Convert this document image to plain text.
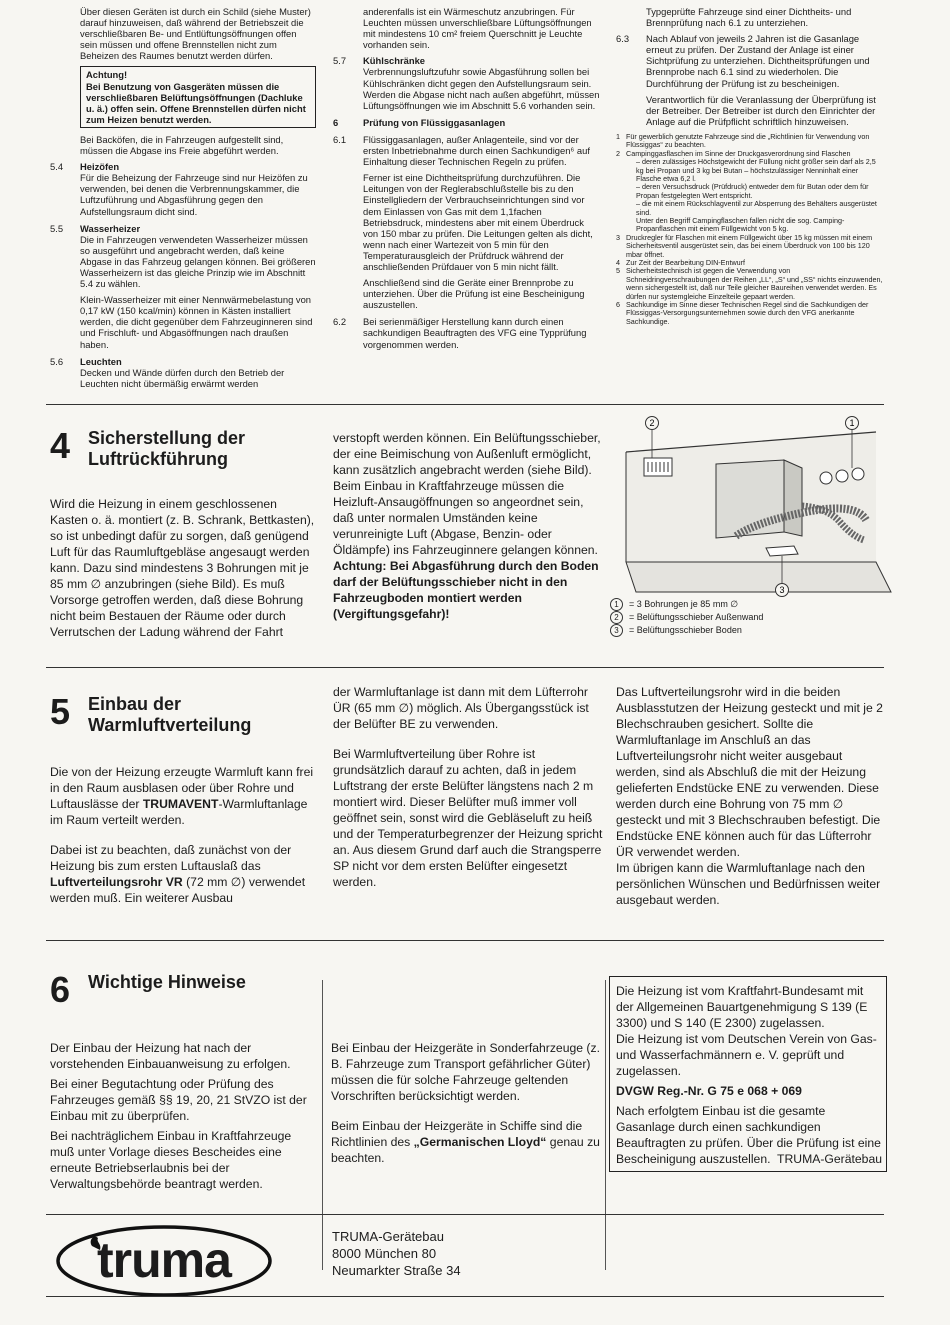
Über diesen Geräten ist durch ein Schild (siehe Muster) darauf hinzuweisen, daß während der Betriebszeit die verschließbaren Be- und Entlüftungsöffnungen offen sein müssen und offene Brennstellen nicht zum Beheizen des Raumes benutzt werden dürfen.
Achtung!
Bei Benutzung von Gasgeräten müssen die verschließbaren Belüftungsöffnungen (Dachluke u. ä.) offen sein. Offene Brennstellen dürfen nicht zum Heizen benutzt werden.
Bei Backöfen, die in Fahrzeugen aufgestellt sind, müssen die Abgase ins Freie abgeführt werden.
5.4	Heizöfen
Für die Beheizung der Fahrzeuge sind nur Heizöfen zu verwenden, bei denen die Verbrennungskammer, die Luftzuführung und Abgasführung gegen den Aufstellungsraum dicht sind.
5.5	Wasserheizer
Die in Fahrzeugen verwendeten Wasserheizer müssen so ausgeführt und angebracht werden, daß keine Abgase in das Fahrzeug gelangen können. Bei größeren Wasserheizern ist das gleiche Prinzip wie im Abschnitt 5.4 zu wählen.
Klein-Wasserheizer mit einer Nennwärmebelastung von 0,17 kW (150 kcal/min) können in Kästen installiert werden, die dicht gegenüber dem Fahrzeuginneren sind und Frischluft- und Abgasöffnungen nach draußen haben.
5.6	Leuchten
Decken und Wände dürfen durch den Betrieb der Leuchten nicht übermäßig erwärmt werden
anderenfalls ist ein Wärmeschutz anzubringen. Für Leuchten müssen unverschließbare Lüftungsöffnungen mit mindestens 10 cm² freiem Querschnitt je Leuchte vorhanden sein.
5.7	Kühlschränke
Verbrennungsluftzufuhr sowie Abgasführung sollen bei Kühlschränken dicht gegen den Aufstellungsraum sein. Werden die Abgase nicht nach außen abgeführt, müssen Lüftungsöffnungen wie im Abschnitt 5.6 vorhanden sein.
6	Prüfung von Flüssiggasanlagen
6.1	Flüssiggasanlagen, außer Anlagenteile, sind vor der ersten Inbetriebnahme durch einen Sachkundigen⁶ auf Einhaltung dieser Technischen Regeln zu prüfen.
Ferner ist eine Dichtheitsprüfung durchzuführen. Die Leitungen von der Reglerabschlußstelle bis zu den Einstellgliedern der Verbrauchseinrichtungen sind vor dem Einlassen von Gas mit dem 1,1fachen Betriebsdruck, mindestens aber mit einem Überdruck von 150 mbar zu prüfen. Die Leitungen gelten als dicht, wenn nach einer Wartezeit von 5 min für den Temperaturausgleich der Prüfdruck während der anschließenden Prüfdauer von 5 min nicht fällt.
Anschließend sind die Geräte einer Brennprobe zu unterziehen. Über die Prüfung ist eine Bescheinigung auszustellen.
6.2	Bei serienmäßiger Herstellung kann durch einen sachkundigen Beauftragten des VFG eine Typprüfung vorgenommen werden.
Typgeprüfte Fahrzeuge sind einer Dichtheits- und Brennprüfung nach 6.1 zu unterziehen.
6.3	Nach Ablauf von jeweils 2 Jahren ist die Gasanlage erneut zu prüfen. Der Zustand der Anlage ist einer Sichtprüfung zu unterziehen. Dichtheitsprüfungen und Brennprobe nach 6.1 sind zu wiederholen. Die Durchführung der Prüfung ist zu bescheinigen.
Verantwortlich für die Veranlassung der Überprüfung ist der Betreiber. Der Betreiber ist durch den Einrichter der Anlage auf die Prüfpflicht schriftlich hinzuweisen.
1 Für gewerblich genutzte Fahrzeuge sind die „Richtlinien für Verwendung von Flüssiggas“ zu beachten.
2 Campinggasflaschen im Sinne der Druckgasverordnung sind Flaschen
– deren zulässiges Höchstgewicht der Füllung nicht größer sein darf als 2,5 kg bei Propan und 3 kg bei Butan – höchstzulässiger Nenninhalt einer Flasche etwa 6,2 l.
– deren Versuchsdruck (Prüfdruck) entweder dem für Butan oder dem für Propan festgelegten Wert entspricht.
– die mit einem Rückschlagventil zur Absperrung des Behälters ausgerüstet sind.
Unter den Begriff Campingflaschen fallen nicht die sog. Camping-Propanflaschen mit einem Füllgewicht von 5 kg.
3 Druckregler für Flaschen mit einem Füllgewicht über 15 kg müssen mit einem Sicherheitsventil ausgerüstet sein, das bei einem Überdruck von 100 bis 120 mbar öffnet.
4 Zur Zeit der Bearbeitung DIN-Entwurf
5 Sicherheitstechnisch ist gegen die Verwendung von Schneidringverschraubungen der Reihen „LL“, „S“ und „SS“ nichts einzuwenden, wenn sichergestellt ist, daß nur Teile gleicher Baureihen verwendet werden. Es dürfen nur systemgleiche Einzelteile gepaart werden.
6 Sachkundige im Sinne dieser Technischen Regel sind die Sachkundigen der Flüssiggas-Versorgungsunternehmen sowie durch den VFG anerkannte Sachkundige.
4 Sicherstellung der
Luftrückführung

Wird die Heizung in einem geschlossenen Kasten o. ä. montiert (z. B. Schrank, Bettkasten), so ist unbedingt dafür zu sorgen, daß genügend Luft für das Raumluftgebläse angesaugt werden kann. Dazu sind mindestens 3 Bohrungen mit je 85 mm ∅ anzubringen (siehe Bild). Es muß Vorsorge getroffen werden, daß diese Bohrung nicht beim Bestauen der Räume oder durch Verrutschen der Ladung während der Fahrt

verstopft werden können. Ein Belüftungsschieber, der eine Beimischung von Außenluft ermöglicht, kann zusätzlich angebracht werden (siehe Bild).

Beim Einbau in Kraftfahrzeuge müssen die Heizluft-Ansaugöffnungen so angeordnet sein, daß unter normalen Umständen keine verunreinigte Luft (Abgase, Benzin- oder Öldämpfe) ins Fahrzeuginnere gelangen können.

Achtung: Bei Abgasführung durch den Boden darf der Belüftungsschieber nicht in den Fahrzeugboden montiert werden (Vergiftungsgefahr)!

2	1
3
1	= 3 Bohrungen je 85 mm ∅
2	= Belüftungsschieber Außenwand
3	= Belüftungsschieber Boden
5 Einbau der
Warmluftverteilung

Die von der Heizung erzeugte Warmluft kann frei in den Raum ausblasen oder über Rohre und Luftauslässe der TRUMAVENT-Warmluftanlage im Raum verteilt werden.

Dabei ist zu beachten, daß zunächst von der Heizung bis zum ersten Luftauslaß das Luftverteilungsrohr VR (72 mm ∅) verwendet werden muß. Ein weiterer Ausbau

der Warmluftanlage ist dann mit dem Lüfterrohr ÜR (65 mm ∅) möglich. Als Übergangsstück ist der Belüfter BE zu verwenden.

Bei Warmluftverteilung über Rohre ist grundsätzlich darauf zu achten, daß in jedem Luftstrang der erste Belüfter längstens nach 2 m montiert wird. Dieser Belüfter muß immer voll geöffnet sein, sonst wird die Gebläseluft zu heiß und der Temperaturbegrenzer der Heizung spricht an. Aus diesem Grund darf auch die Strangsperre SP nicht vor dem ersten Belüfter eingesetzt werden.

Das Luftverteilungsrohr wird in die beiden Ausblasstutzen der Heizung gesteckt und mit je 2 Blechschrauben gesichert. Sollte die Warmluftanlage im Anschluß an das Luftverteilungsrohr nicht weiter ausgebaut werden, sind als Abschluß die mit der Heizung gelieferten Endstücke ENE zu verwenden. Diese werden durch eine Bohrung von 75 mm ∅ gesteckt und mit 3 Blechschrauben befestigt. Die Endstücke ENE können auch für das Lüfterrohr ÜR verwendet werden.

Im übrigen kann die Warmluftanlage nach den persönlichen Wünschen und Bedürfnissen weiter ausgebaut werden.

6 Wichtige Hinweise

Der Einbau der Heizung hat nach der vorstehenden Einbauanweisung zu erfolgen.

Bei einer Begutachtung oder Prüfung des Fahrzeuges gemäß §§ 19, 20, 21 StVZO ist der Einbau mit zu überprüfen.

Bei nachträglichem Einbau in Kraftfahrzeuge muß unter Vorlage dieses Bescheides eine erneute Betriebserlaubnis bei der Verwaltungsbehörde beantragt werden.

Bei Einbau der Heizgeräte in Sonderfahrzeuge (z. B. Fahrzeuge zum Transport gefährlicher Güter) müssen die für solche Fahrzeuge geltenden Vorschriften berücksichtigt werden.

Beim Einbau der Heizgeräte in Schiffe sind die Richtlinien des „Germanischen Lloyd“ genau zu beachten.

Die Heizung ist vom Kraftfahrt-Bundesamt mit der Allgemeinen Bauartgenehmigung S 139 (E 3300) und S 140 (E 2300) zugelassen.
Die Heizung ist vom Deutschen Verein von Gas- und Wasserfachmännern e. V. geprüft und zugelassen.
DVGW Reg.-Nr. G 75 e 068 + 069
Nach erfolgtem Einbau ist die gesamte Gasanlage durch einen sachkundigen Beauftragten zu prüfen. Über die Prüfung ist eine Bescheinigung auszustellen. TRUMA-Gerätebau
truma	TRUMA-Gerätebau
8000 München 80
Neumarkter Straße 34
